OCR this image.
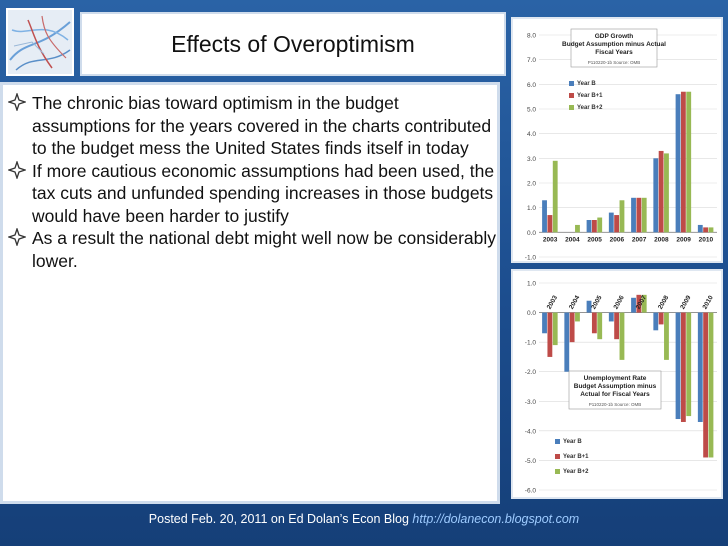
Effects of Overoptimism
The chronic bias toward optimism in the budget assumptions for the years covered in the charts contributed to the budget mess the United States finds itself in today
If more cautious economic assumptions had been used, the tax cuts and unfunded spending increases in those budgets would have been harder to justify
As a result the national debt might well now be considerably lower.
8.0
7.0
6.0
5.0
4.0
3.0
2.0
1.0
0.0
-1.0
2003 2004 2005 2006 2007 2008 2009 2010
GDP Growth
Budget Assumption minus Actual
Fiscal Years
P110220-1b Source: OMB
Year B
Year B+1
Year B+2
1.0
0.0
-1.0
-2.0
-3.0
-4.0
-5.0
-6.0
2003 2004 2005 2006 2007 2008 2009 2010
Unemployment Rate
Budget Assumption minus
Actual for Fiscal Years
P110220-1b Source: OMB
Year B
Year B+1
Year B+2
Posted Feb. 20, 2011 on Ed Dolan’s Econ Blog http://dolanecon.blogspot.com
